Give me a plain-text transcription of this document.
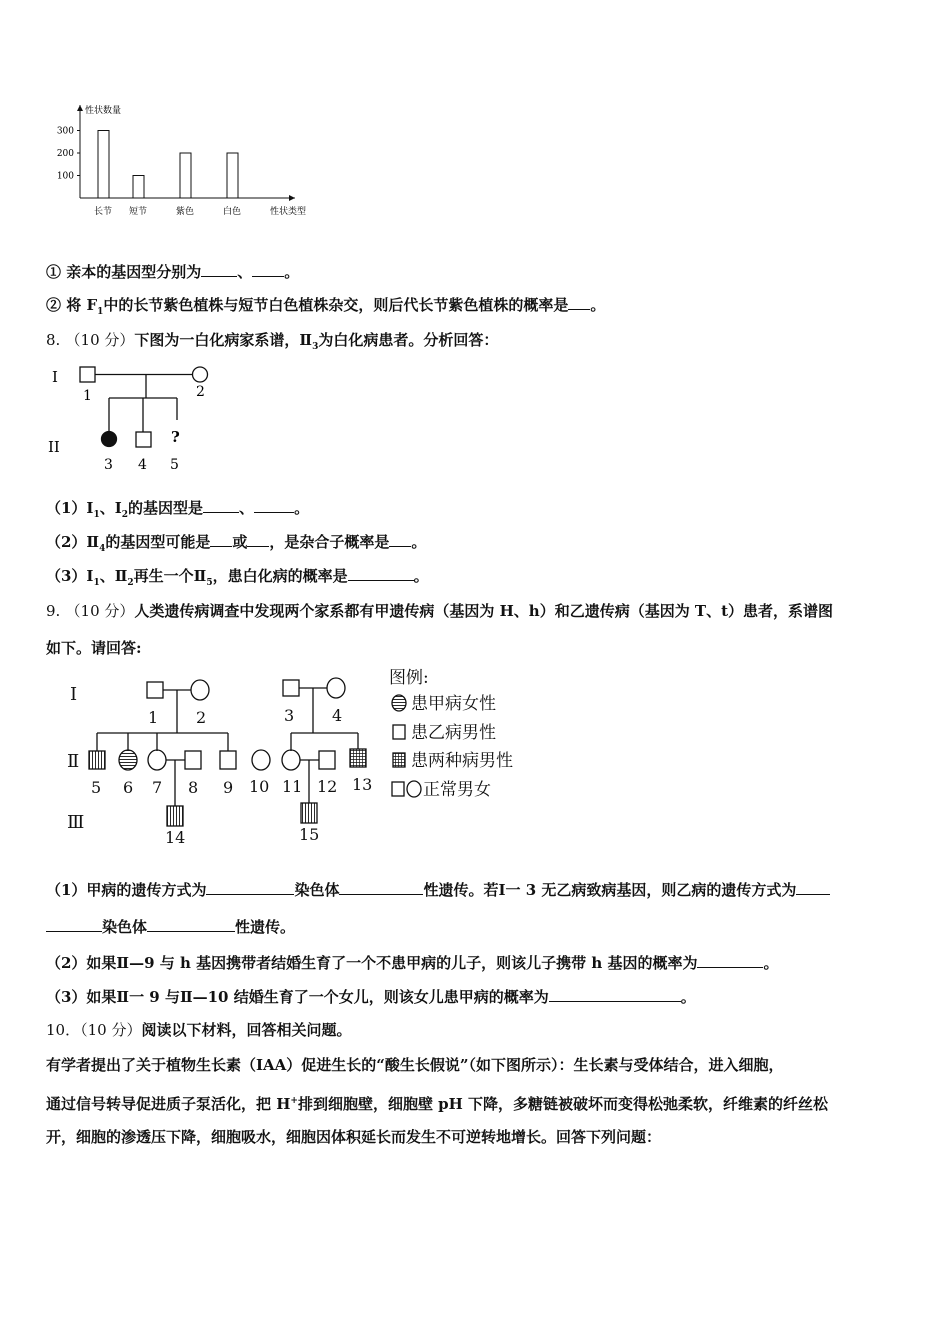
性状数量
100
200
300
长节 短节	紫色	白色	性状类型
① 亲本的基因型分别为 、 。
② 将 $F_1$中的长节紫色植株与短节白色植株杂交，则后代长节紫色植株的概率是 。
8. （10 分）下图为一白化病家系谱，$Ⅱ_3$为白化病患者。分析回答：
I
II
?
1	2
3 4 5
$(1)Ⅰ_1$、$Ⅰ_2$的基因型是 、	。
$(2)Ⅱ_4$的基因型可能是 或 ，是杂合子概率是 。
$(3)Ⅰ_1$、$Ⅱ_2$再生一个$Ⅱ_5$，患白化病的概率是	。
9. （10 分）人类遗传病调查中发现两个家系都有甲遗传病（基因为 H、h）和乙遗传病（基因为 T、t）患者，系谱图
如下。请回答:
Ⅰ
Ⅱ
Ⅲ
1 2	3 4
5 6 7 8 9 10 11 12 13
14	15
图例:
患甲病女性
患乙病男性
患两种病男性
正常男女
（1）甲病的遗传方式为	染色体	性遗传。若Ⅰ一 3 无乙病致病基因，则乙病的遗传方式为
染色体	性遗传。
（2）如果Ⅱ—9 与 h 基因携带者结婚生育了一个不患甲病的儿子，则该儿子携带 h 基因的概率为	。
（3）如果Ⅱ一 9 与Ⅱ—10 结婚生育了一个女儿，则该女儿患甲病的概率为	。
10．（10 分）阅读以下材料，回答相关问题。
有学者提出了关于植物生长素（IAA）促进生长的“酸生长假说”（如下图所示）：生长素与受体结合，进入细胞，
通过信号转导促进质子泵活化，把 H+排到细胞壁，细胞壁 pH 下降，多糖链被破坏而变得松弛柔软，纤维素的纤丝松
开，细胞的渗透压下降，细胞吸水，细胞因体积延长而发生不可逆转地增长。回答下列问题：
